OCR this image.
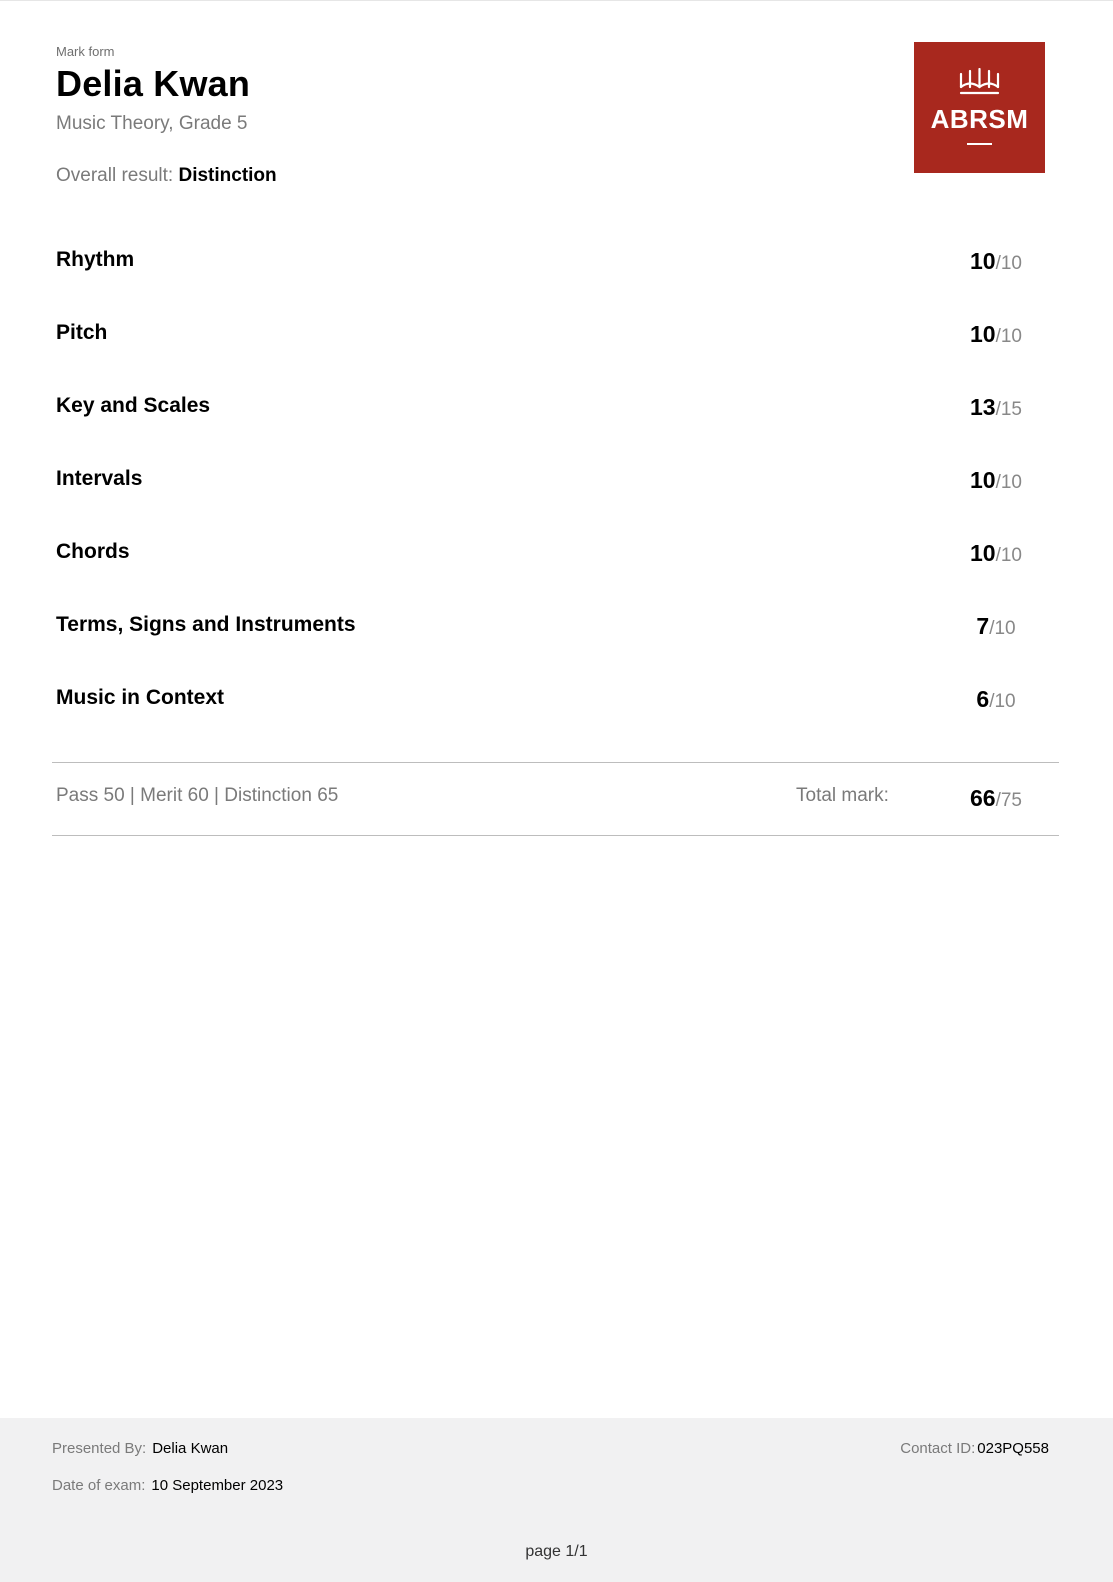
Mark form
Delia Kwan
Music Theory, Grade 5
Overall result: Distinction
ABRSM
Rhythm	10/10
Pitch	10/10
Key and Scales	13/15
Intervals	10/10
Chords	10/10
Terms, Signs and Instruments	7/10
Music in Context	6/10
Pass 50 | Merit 60 | Distinction 65	Total mark:	66/75
Presented By: Delia Kwan
Date of exam: 10 September 2023
Contact ID: 023PQ558
page 1/1
